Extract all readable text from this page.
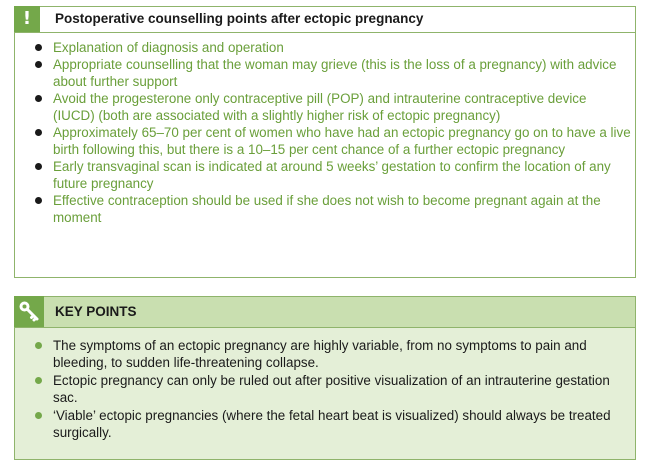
!	Postoperative counselling points after ectopic pregnancy
Explanation of diagnosis and operation
Appropriate counselling that the woman may grieve (this is the loss of a pregnancy) with advice about further support
Avoid the progesterone only contraceptive pill (POP) and intrauterine contraceptive device (IUCD) (both are associated with a slightly higher risk of ectopic pregnancy)
Approximately 65–70 per cent of women who have had an ectopic pregnancy go on to have a live birth following this, but there is a 10–15 per cent chance of a further ectopic pregnancy
Early transvaginal scan is indicated at around 5 weeks’ gestation to confirm the location of any future pregnancy
Effective contraception should be used if she does not wish to become pregnant again at the moment
KEY POINTS
The symptoms of an ectopic pregnancy are highly variable, from no symptoms to pain and bleeding, to sudden life-threatening collapse.
Ectopic pregnancy can only be ruled out after positive visualization of an intrauterine gestation sac.
‘Viable’ ectopic pregnancies (where the fetal heart beat is visualized) should always be treated surgically.
